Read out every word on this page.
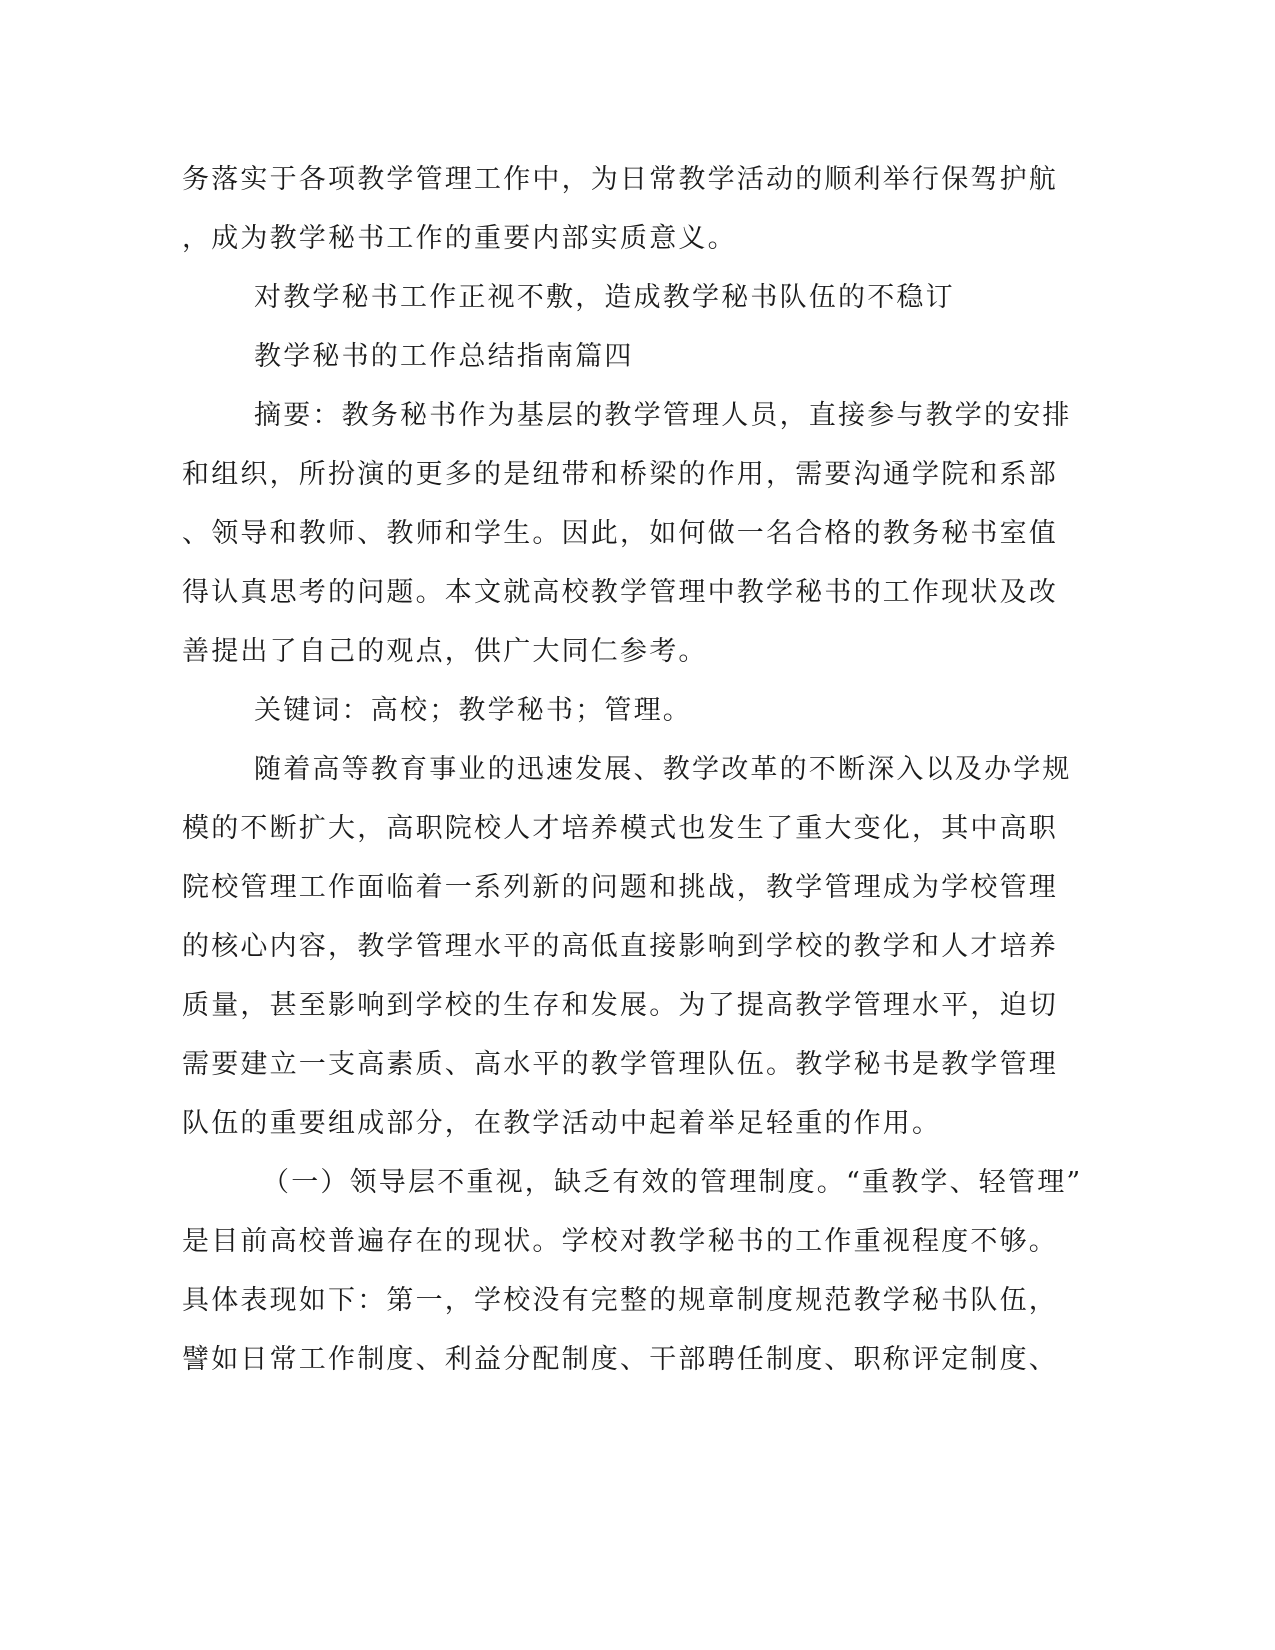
务落实于各项教学管理工作中，为日常教学活动的顺利举行保驾护航
，成为教学秘书工作的重要内部实质意义。
对教学秘书工作正视不敷，造成教学秘书队伍的不稳订
教学秘书的工作总结指南篇四
摘要：教务秘书作为基层的教学管理人员，直接参与教学的安排
和组织，所扮演的更多的是纽带和桥梁的作用，需要沟通学院和系部
、领导和教师、教师和学生。因此，如何做一名合格的教务秘书室值
得认真思考的问题。本文就高校教学管理中教学秘书的工作现状及改
善提出了自己的观点，供广大同仁参考。
关键词：高校；教学秘书；管理。
随着高等教育事业的迅速发展、教学改革的不断深入以及办学规
模的不断扩大，高职院校人才培养模式也发生了重大变化，其中高职
院校管理工作面临着一系列新的问题和挑战，教学管理成为学校管理
的核心内容，教学管理水平的高低直接影响到学校的教学和人才培养
质量，甚至影响到学校的生存和发展。为了提高教学管理水平，迫切
需要建立一支高素质、高水平的教学管理队伍。教学秘书是教学管理
队伍的重要组成部分，在教学活动中起着举足轻重的作用。
（一）领导层不重视，缺乏有效的管理制度。“重教学、轻管理”
是目前高校普遍存在的现状。学校对教学秘书的工作重视程度不够。
具体表现如下：第一，学校没有完整的规章制度规范教学秘书队伍，
譬如日常工作制度、利益分配制度、干部聘任制度、职称评定制度、
